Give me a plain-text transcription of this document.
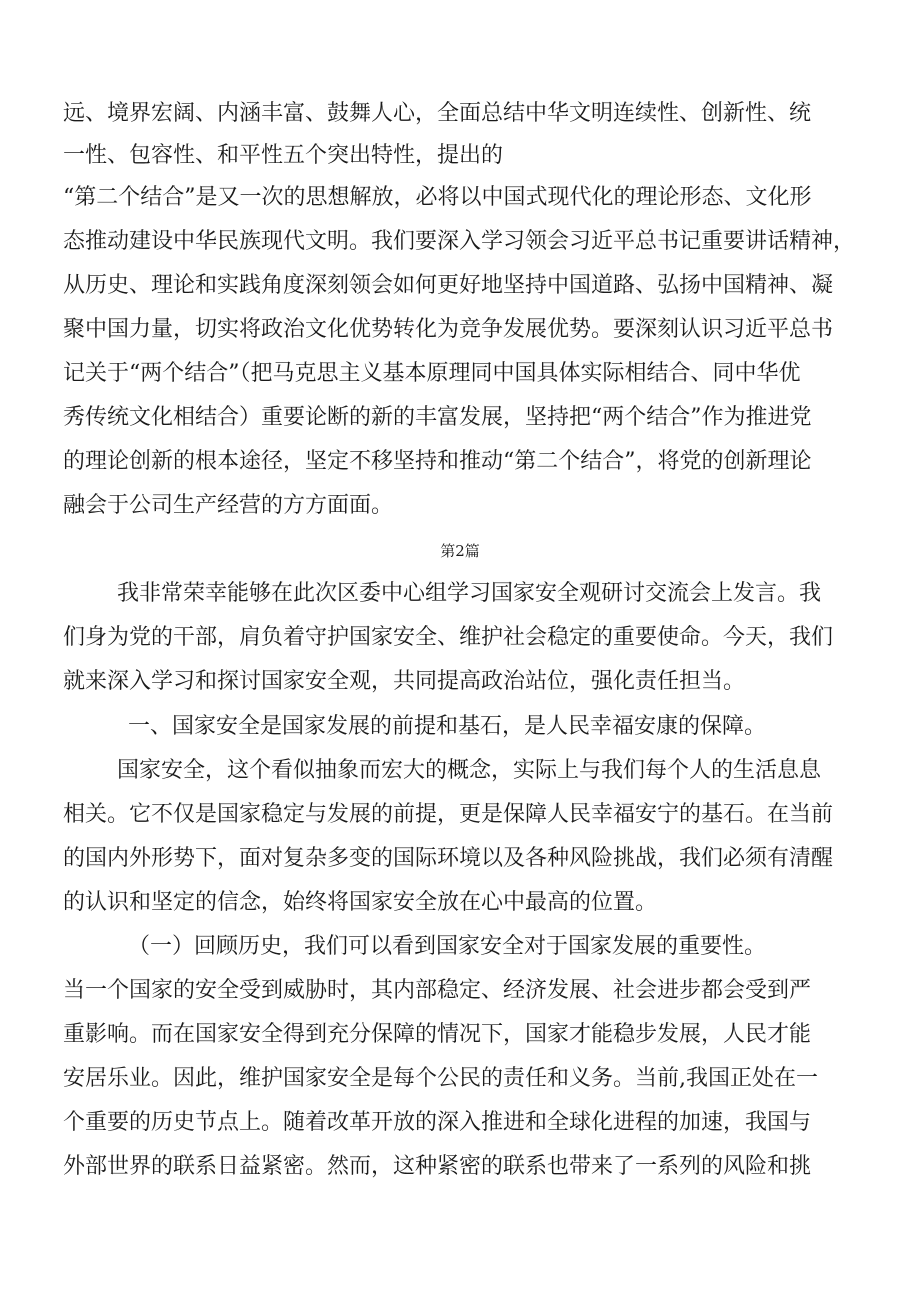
远、境界宏阔、内涵丰富、鼓舞人心，全面总结中华文明连续性、创新性、统
一性、包容性、和平性五个突出特性，提出的
“第二个结合”是又一次的思想解放，必将以中国式现代化的理论形态、文化形
态推动建设中华民族现代文明。我们要深入学习领会习近平总书记重要讲话精神，
从历史、理论和实践角度深刻领会如何更好地坚持中国道路、弘扬中国精神、凝
聚中国力量，切实将政治文化优势转化为竞争发展优势。要深刻认识习近平总书
记关于“两个结合”（把马克思主义基本原理同中国具体实际相结合、同中华优
秀传统文化相结合）重要论断的新的丰富发展，坚持把“两个结合”作为推进党
的理论创新的根本途径，坚定不移坚持和推动“第二个结合”，将党的创新理论
融会于公司生产经营的方方面面。
第2篇
我非常荣幸能够在此次区委中心组学习国家安全观研讨交流会上发言。我
们身为党的干部，肩负着守护国家安全、维护社会稳定的重要使命。今天，我们
就来深入学习和探讨国家安全观，共同提高政治站位，强化责任担当。
一、国家安全是国家发展的前提和基石，是人民幸福安康的保障。
国家安全，这个看似抽象而宏大的概念，实际上与我们每个人的生活息息
相关。它不仅是国家稳定与发展的前提，更是保障人民幸福安宁的基石。在当前
的国内外形势下，面对复杂多变的国际环境以及各种风险挑战，我们必须有清醒
的认识和坚定的信念，始终将国家安全放在心中最高的位置。
（一）回顾历史，我们可以看到国家安全对于国家发展的重要性。
当一个国家的安全受到威胁时，其内部稳定、经济发展、社会进步都会受到严
重影响。而在国家安全得到充分保障的情况下，国家才能稳步发展，人民才能
安居乐业。因此，维护国家安全是每个公民的责任和义务。当前,我国正处在一
个重要的历史节点上。随着改革开放的深入推进和全球化进程的加速，我国与
外部世界的联系日益紧密。然而，这种紧密的联系也带来了一系列的风险和挑
